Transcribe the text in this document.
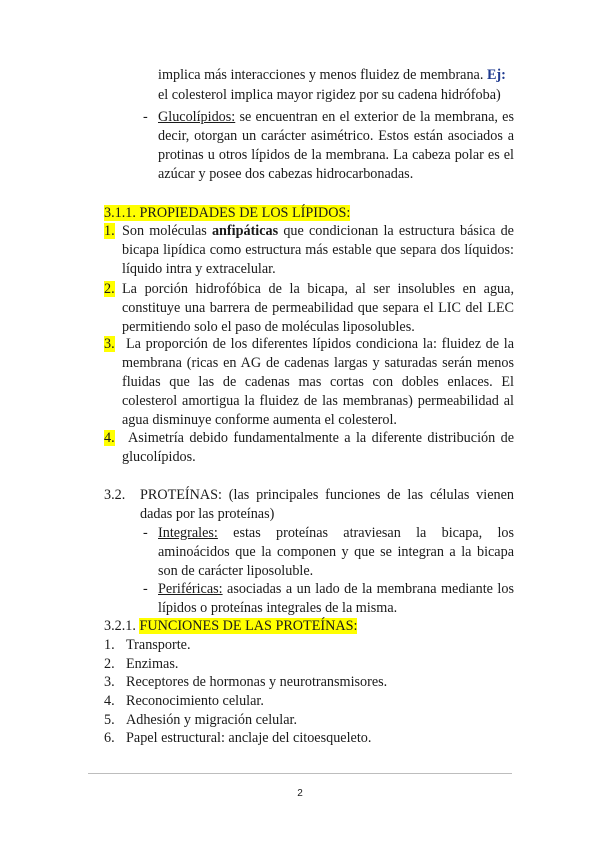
implica más interacciones y menos fluidez de membrana. Ej:
el colesterol implica mayor rigidez por su cadena hidrófoba)
- Glucolípidos: se encuentran en el exterior de la membrana, es
decir, otorgan un carácter asimétrico. Estos están asociados a
protinas u otros lípidos de la membrana. La cabeza polar es el
azúcar y posee dos cabezas hidrocarbonadas.
3.1.1. PROPIEDADES DE LOS LÍPIDOS:
1. Son moléculas anfipáticas que condicionan la estructura básica de
bicapa lipídica como estructura más estable que separa dos líquidos:
líquido intra y extracelular.
2. La porción hidrofóbica de la bicapa, al ser insolubles en agua,
constituye una barrera de permeabilidad que separa el LIC del LEC
permitiendo solo el paso de moléculas liposolubles.
3. La proporción de los diferentes lípidos condiciona la: fluidez de la
membrana (ricas en AG de cadenas largas y saturadas serán menos
fluidas que las de cadenas mas cortas con dobles enlaces. El
colesterol amortigua la fluidez de las membranas) permeabilidad al
agua disminuye conforme aumenta el colesterol.
4. Asimetría debido fundamentalmente a la diferente distribución de
glucolípidos.
3.2. PROTEÍNAS: (las principales funciones de las células vienen
dadas por las proteínas)
- Integrales: estas proteínas atraviesan la bicapa, los
aminoácidos que la componen y que se integran a la bicapa
son de carácter liposoluble.
- Periféricas: asociadas a un lado de la membrana mediante los
lípidos o proteínas integrales de la misma.
3.2.1. FUNCIONES DE LAS PROTEÍNAS:
1. Transporte.
2. Enzimas.
3. Receptores de hormonas y neurotransmisores.
4. Reconocimiento celular.
5. Adhesión y migración celular.
6. Papel estructural: anclaje del citoesqueleto.
2
